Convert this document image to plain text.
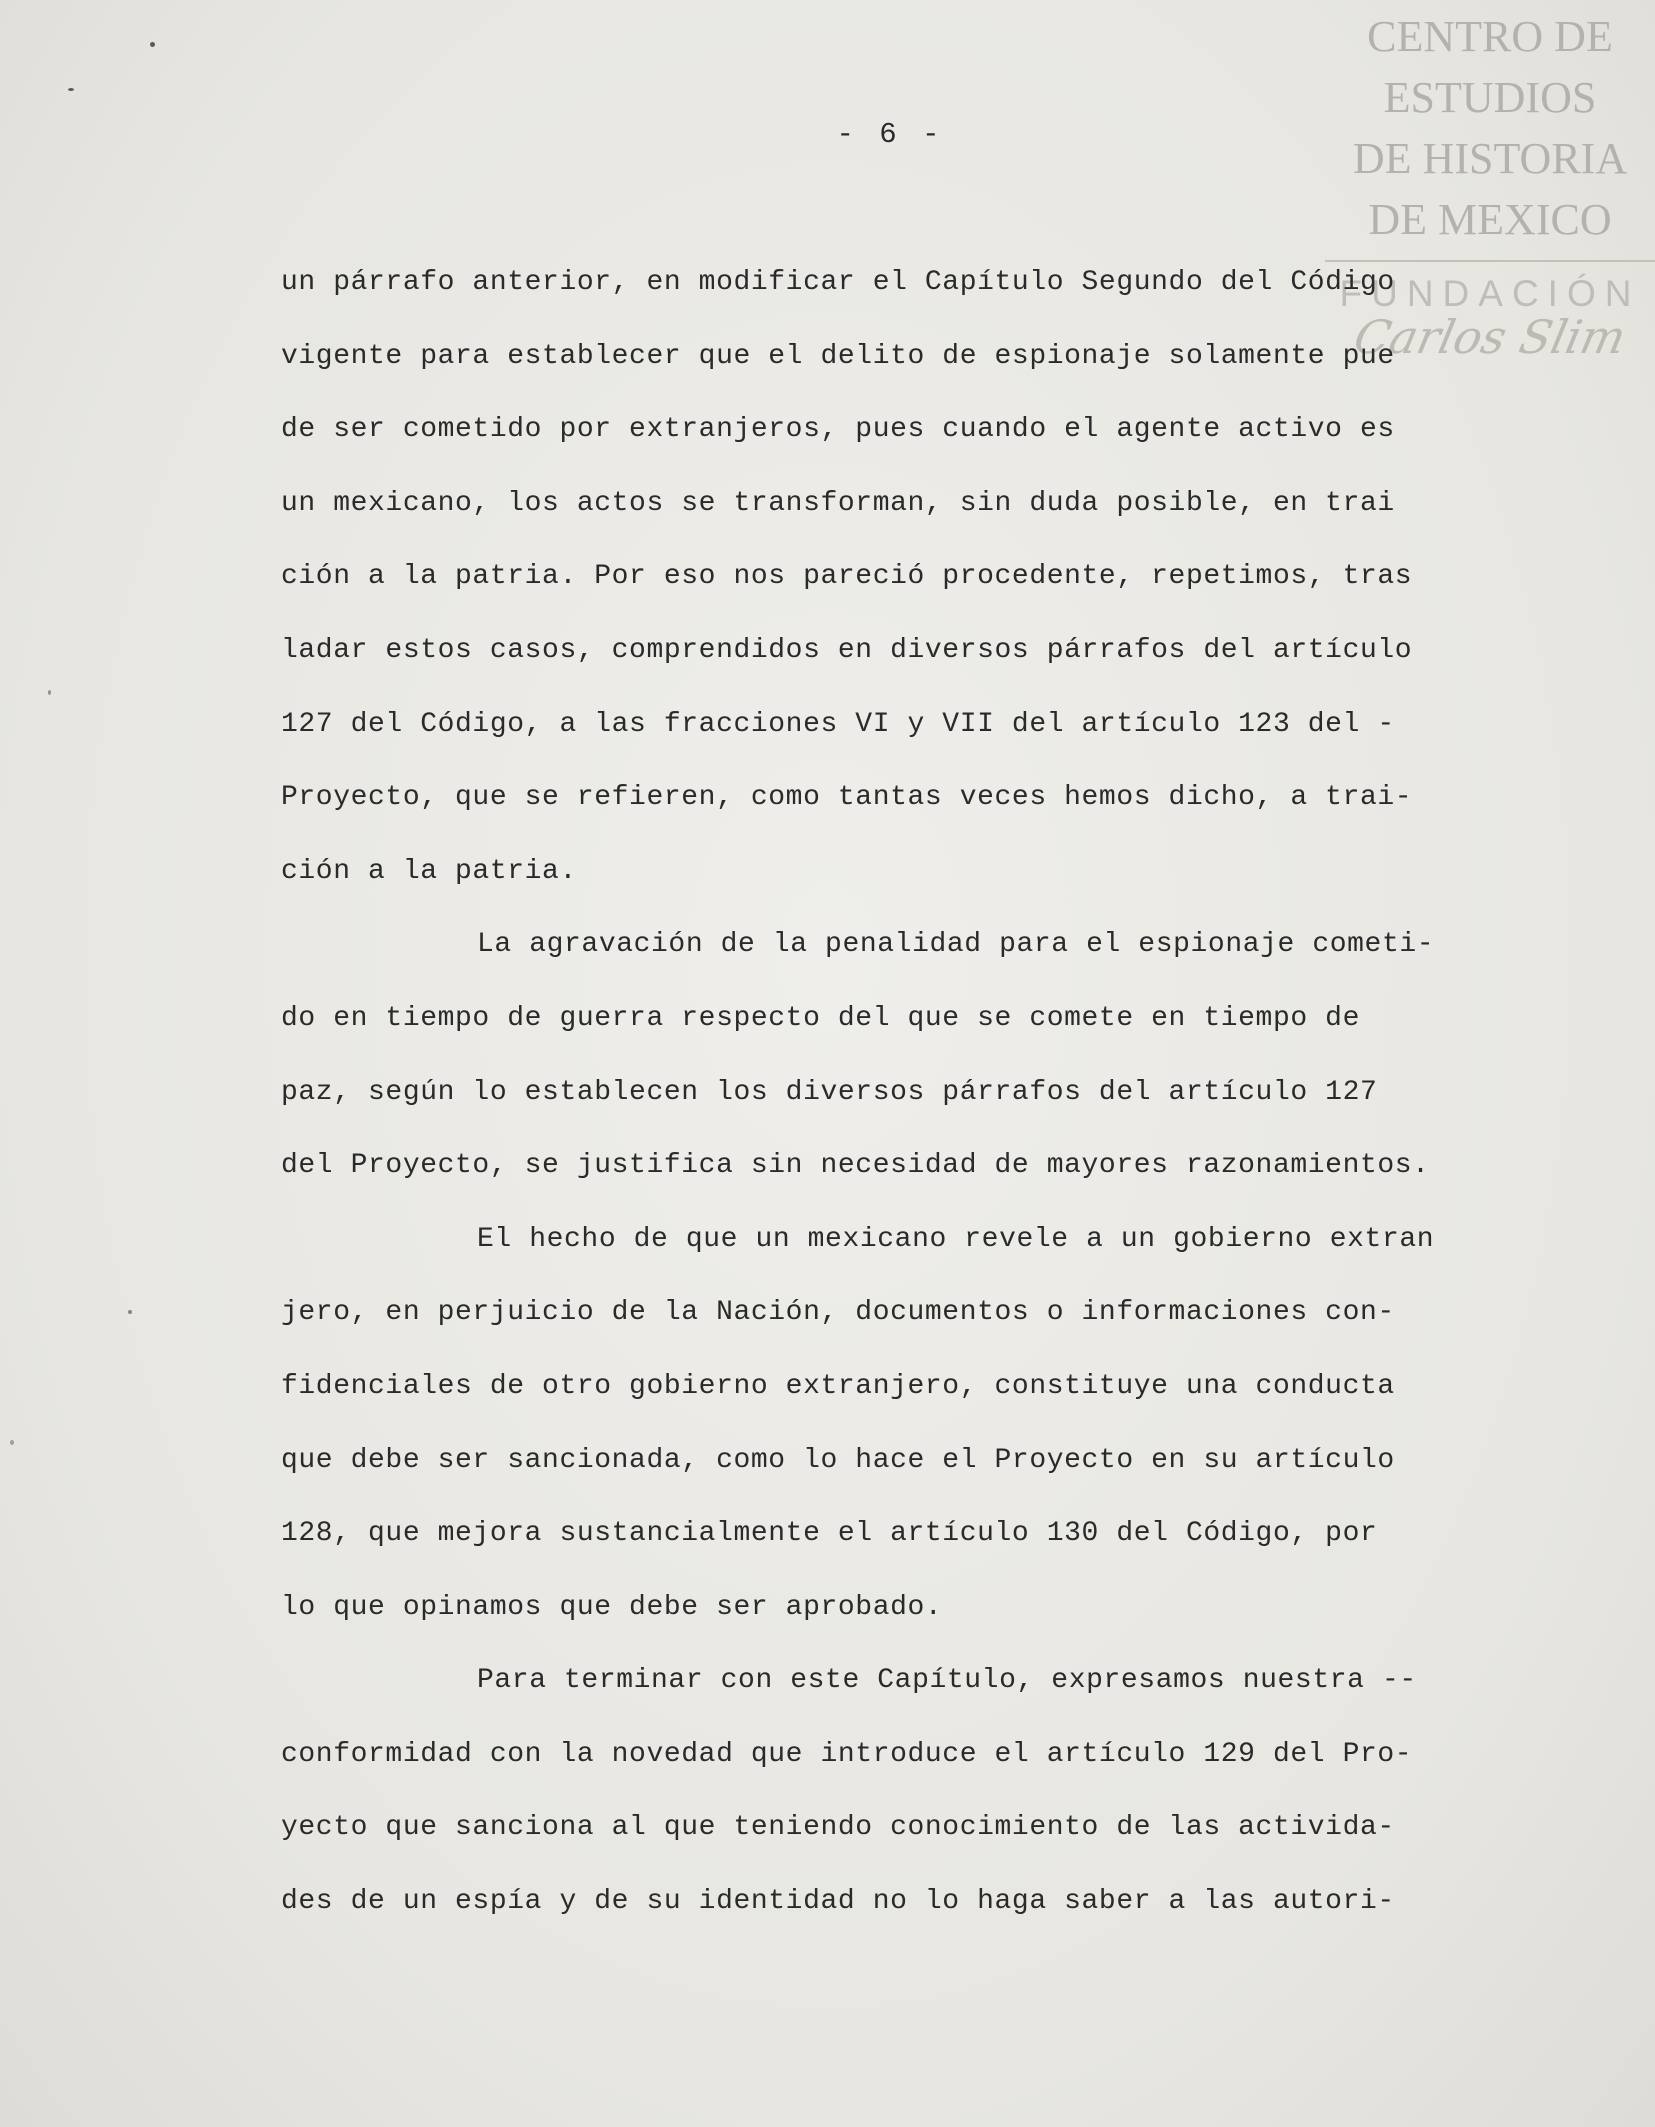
CENTRO DE
ESTUDIOS
DE HISTORIA
DE MEXICO
FUNDACIÓN
Carlos Slim
- 6 -
un párrafo anterior, en modificar el Capítulo Segundo del Código
vigente para establecer que el delito de espionaje solamente pue
de ser cometido por extranjeros, pues cuando el agente activo es
un mexicano, los actos se transforman, sin duda posible, en trai
ción a la patria. Por eso nos pareció procedente, repetimos, tras
ladar estos casos, comprendidos en diversos párrafos del artículo
127 del Código, a las fracciones VI y VII del artículo 123 del -
Proyecto, que se refieren, como tantas veces hemos dicho, a trai-
ción a la patria.
La agravación de la penalidad para el espionaje cometi-
do en tiempo de guerra respecto del que se comete en tiempo de
paz, según lo establecen los diversos párrafos del artículo 127
del Proyecto, se justifica sin necesidad de mayores razonamientos.
El hecho de que un mexicano revele a un gobierno extran
jero, en perjuicio de la Nación, documentos o informaciones con-
fidenciales de otro gobierno extranjero, constituye una conducta
que debe ser sancionada, como lo hace el Proyecto en su artículo
128, que mejora sustancialmente el artículo 130 del Código, por
lo que opinamos que debe ser aprobado.
Para terminar con este Capítulo, expresamos nuestra --
conformidad con la novedad que introduce el artículo 129 del Pro-
yecto que sanciona al que teniendo conocimiento de las activida-
des de un espía y de su identidad no lo haga saber a las autori-
